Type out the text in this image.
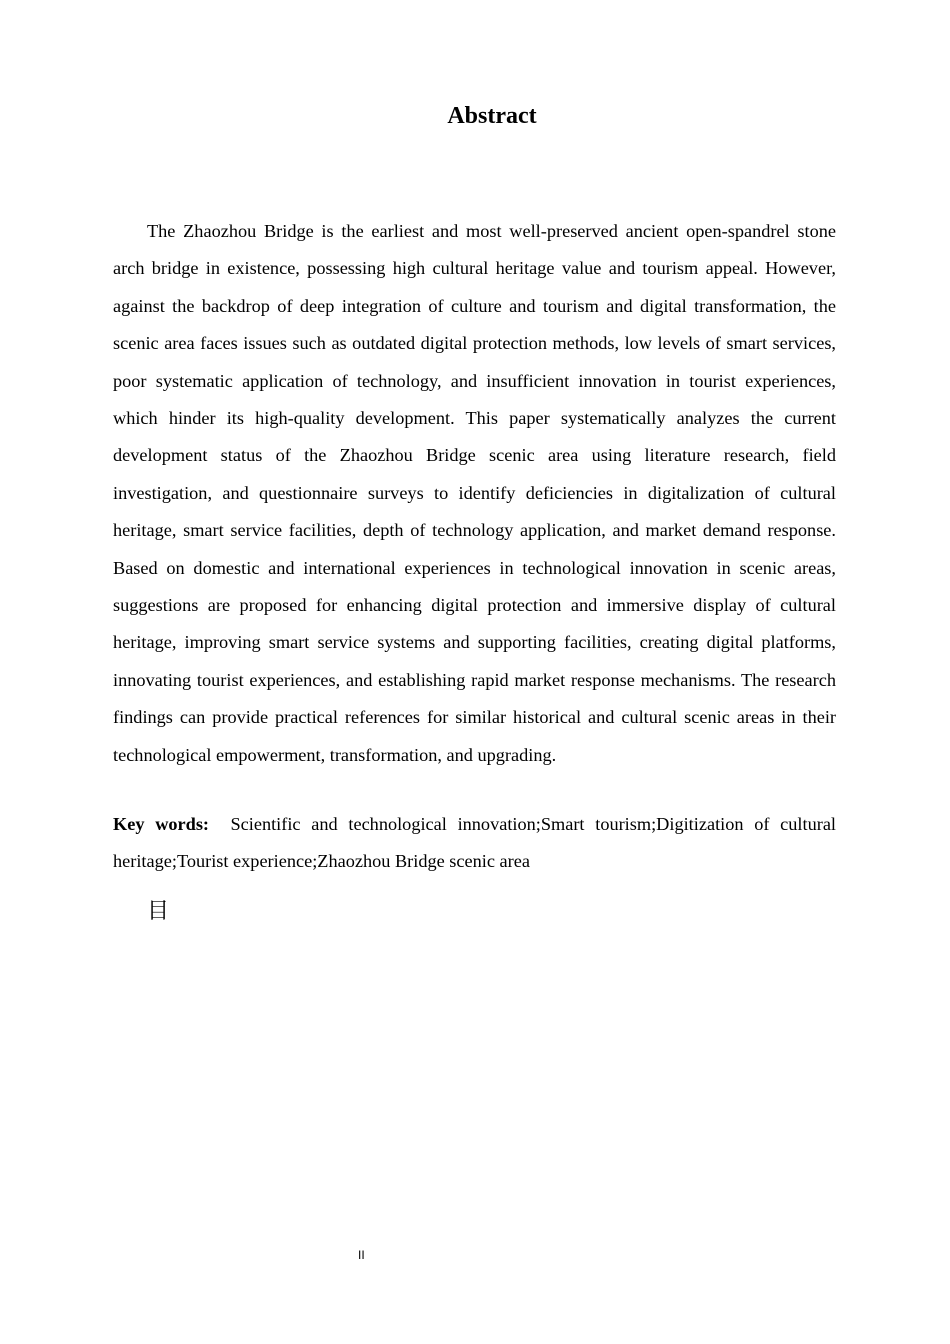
Abstract

The Zhaozhou Bridge is the earliest and most well-preserved ancient open-spandrel stone arch bridge in existence, possessing high cultural heritage value and tourism appeal. However, against the backdrop of deep integration of culture and tourism and digital transformation, the scenic area faces issues such as outdated digital protection methods, low levels of smart services, poor systematic application of technology, and insufficient innovation in tourist experiences, which hinder its high-quality development. This paper systematically analyzes the current development status of the Zhaozhou Bridge scenic area using literature research, field investigation, and questionnaire surveys to identify deficiencies in digitalization of cultural heritage, smart service facilities, depth of technology application, and market demand response. Based on domestic and international experiences in technological innovation in scenic areas, suggestions are proposed for enhancing digital protection and immersive display of cultural heritage, improving smart service systems and supporting facilities, creating digital platforms, innovating tourist experiences, and establishing rapid market response mechanisms. The research findings can provide practical references for similar historical and cultural scenic areas in their technological empowerment, transformation, and upgrading.

Key words: Scientific and technological innovation;Smart tourism;Digitization of cultural heritage;Tourist experience;Zhaozhou Bridge scenic area

目
II
